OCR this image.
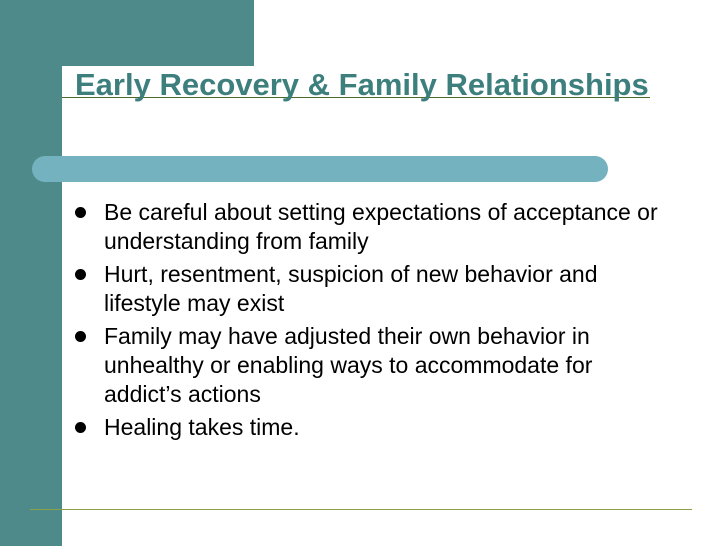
Early Recovery & Family Relationships
Be careful about setting expectations of acceptance or understanding from family
Hurt, resentment, suspicion of new behavior and lifestyle may exist
Family may have adjusted their own behavior in unhealthy or enabling ways to accommodate for addict’s actions
Healing takes time.
